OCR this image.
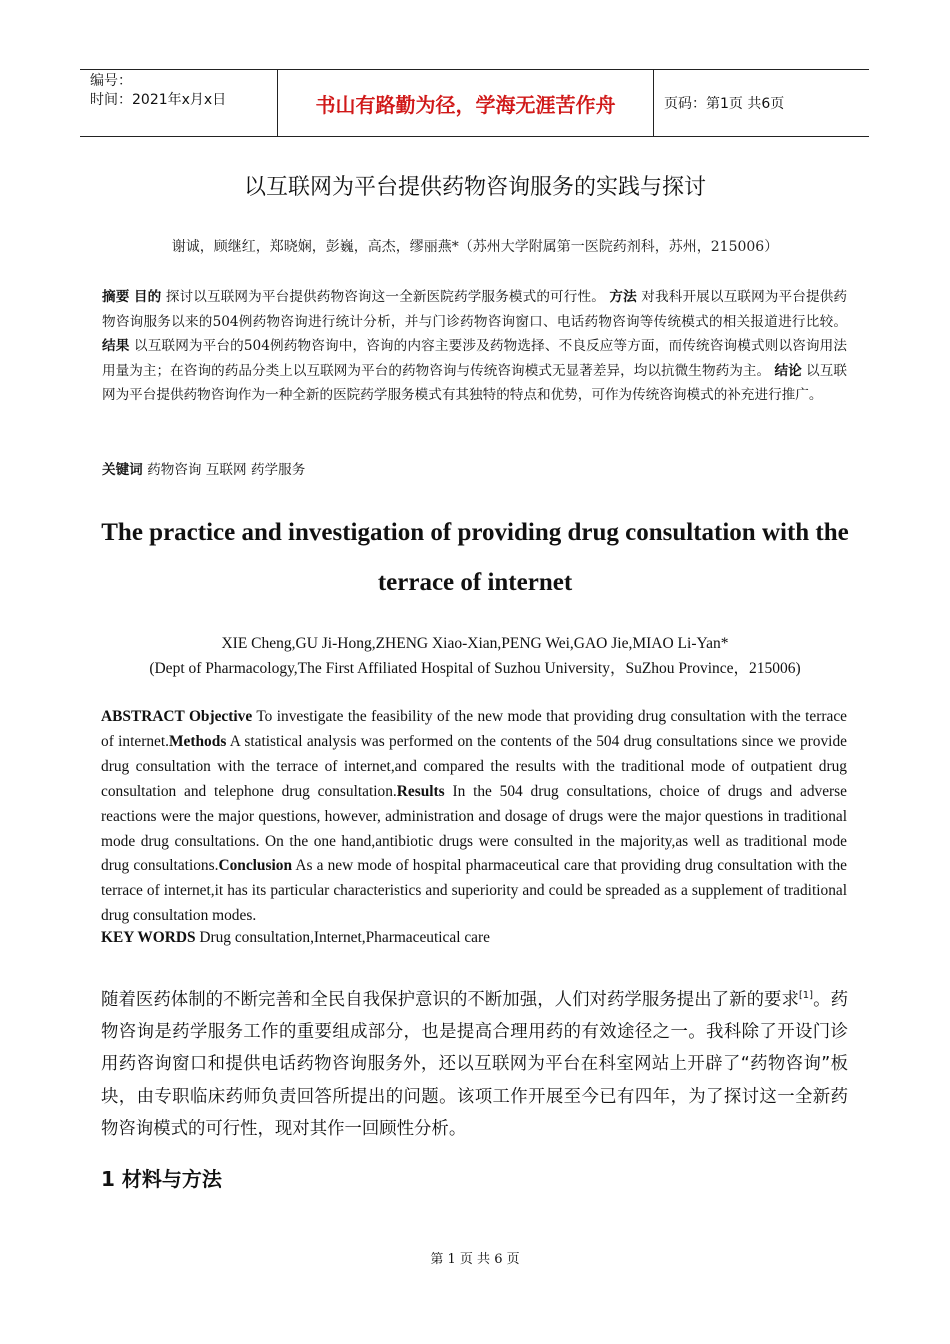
编号：
时间：2021年x月x日	书山有路勤为径，学海无涯苦作舟	页码：第1页 共6页
以互联网为平台提供药物咨询服务的实践与探讨
谢诚，顾继红，郑晓娴，彭巍，高杰，缪丽燕*（苏州大学附属第一医院药剂科，苏州，215006）
摘要 目的 探讨以互联网为平台提供药物咨询这一全新医院药学服务模式的可行性。 方法 对我科开展以互联网为平台提供药物咨询服务以来的504例药物咨询进行统计分析，并与门诊药物咨询窗口、电话药物咨询等传统模式的相关报道进行比较。 结果 以互联网为平台的504例药物咨询中，咨询的内容主要涉及药物选择、不良反应等方面，而传统咨询模式则以咨询用法用量为主；在咨询的药品分类上以互联网为平台的药物咨询与传统咨询模式无显著差异，均以抗微生物药为主。 结论 以互联网为平台提供药物咨询作为一种全新的医院药学服务模式有其独特的特点和优势，可作为传统咨询模式的补充进行推广。
关键词 药物咨询 互联网 药学服务
The practice and investigation of providing drug consultation with the terrace of internet
XIE Cheng,GU Ji-Hong,ZHENG Xiao-Xian,PENG Wei,GAO Jie,MIAO Li-Yan*
(Dept of Pharmacology,The First Affiliated Hospital of Suzhou University，SuZhou Province，215006)
ABSTRACT Objective To investigate the feasibility of the new mode that providing drug consultation with the terrace of internet.Methods A statistical analysis was performed on the contents of the 504 drug consultations since we provide drug consultation with the terrace of internet,and compared the results with the traditional mode of outpatient drug consultation and telephone drug consultation.Results In the 504 drug consultations, choice of drugs and adverse reactions were the major questions, however, administration and dosage of drugs were the major questions in traditional mode drug consultations. On the one hand,antibiotic drugs were consulted in the majority,as well as traditional mode drug consultations.Conclusion As a new mode of hospital pharmaceutical care that providing drug consultation with the terrace of internet,it has its particular characteristics and superiority and could be spreaded as a supplement of traditional drug consultation modes.
KEY WORDS Drug consultation,Internet,Pharmaceutical care
随着医药体制的不断完善和全民自我保护意识的不断加强，人们对药学服务提出了新的要求[1]。药物咨询是药学服务工作的重要组成部分，也是提高合理用药的有效途径之一。我科除了开设门诊用药咨询窗口和提供电话药物咨询服务外，还以互联网为平台在科室网站上开辟了“药物咨询”板块，由专职临床药师负责回答所提出的问题。该项工作开展至今已有四年，为了探讨这一全新药物咨询模式的可行性，现对其作一回顾性分析。
1 材料与方法
第 1 页 共 6 页
